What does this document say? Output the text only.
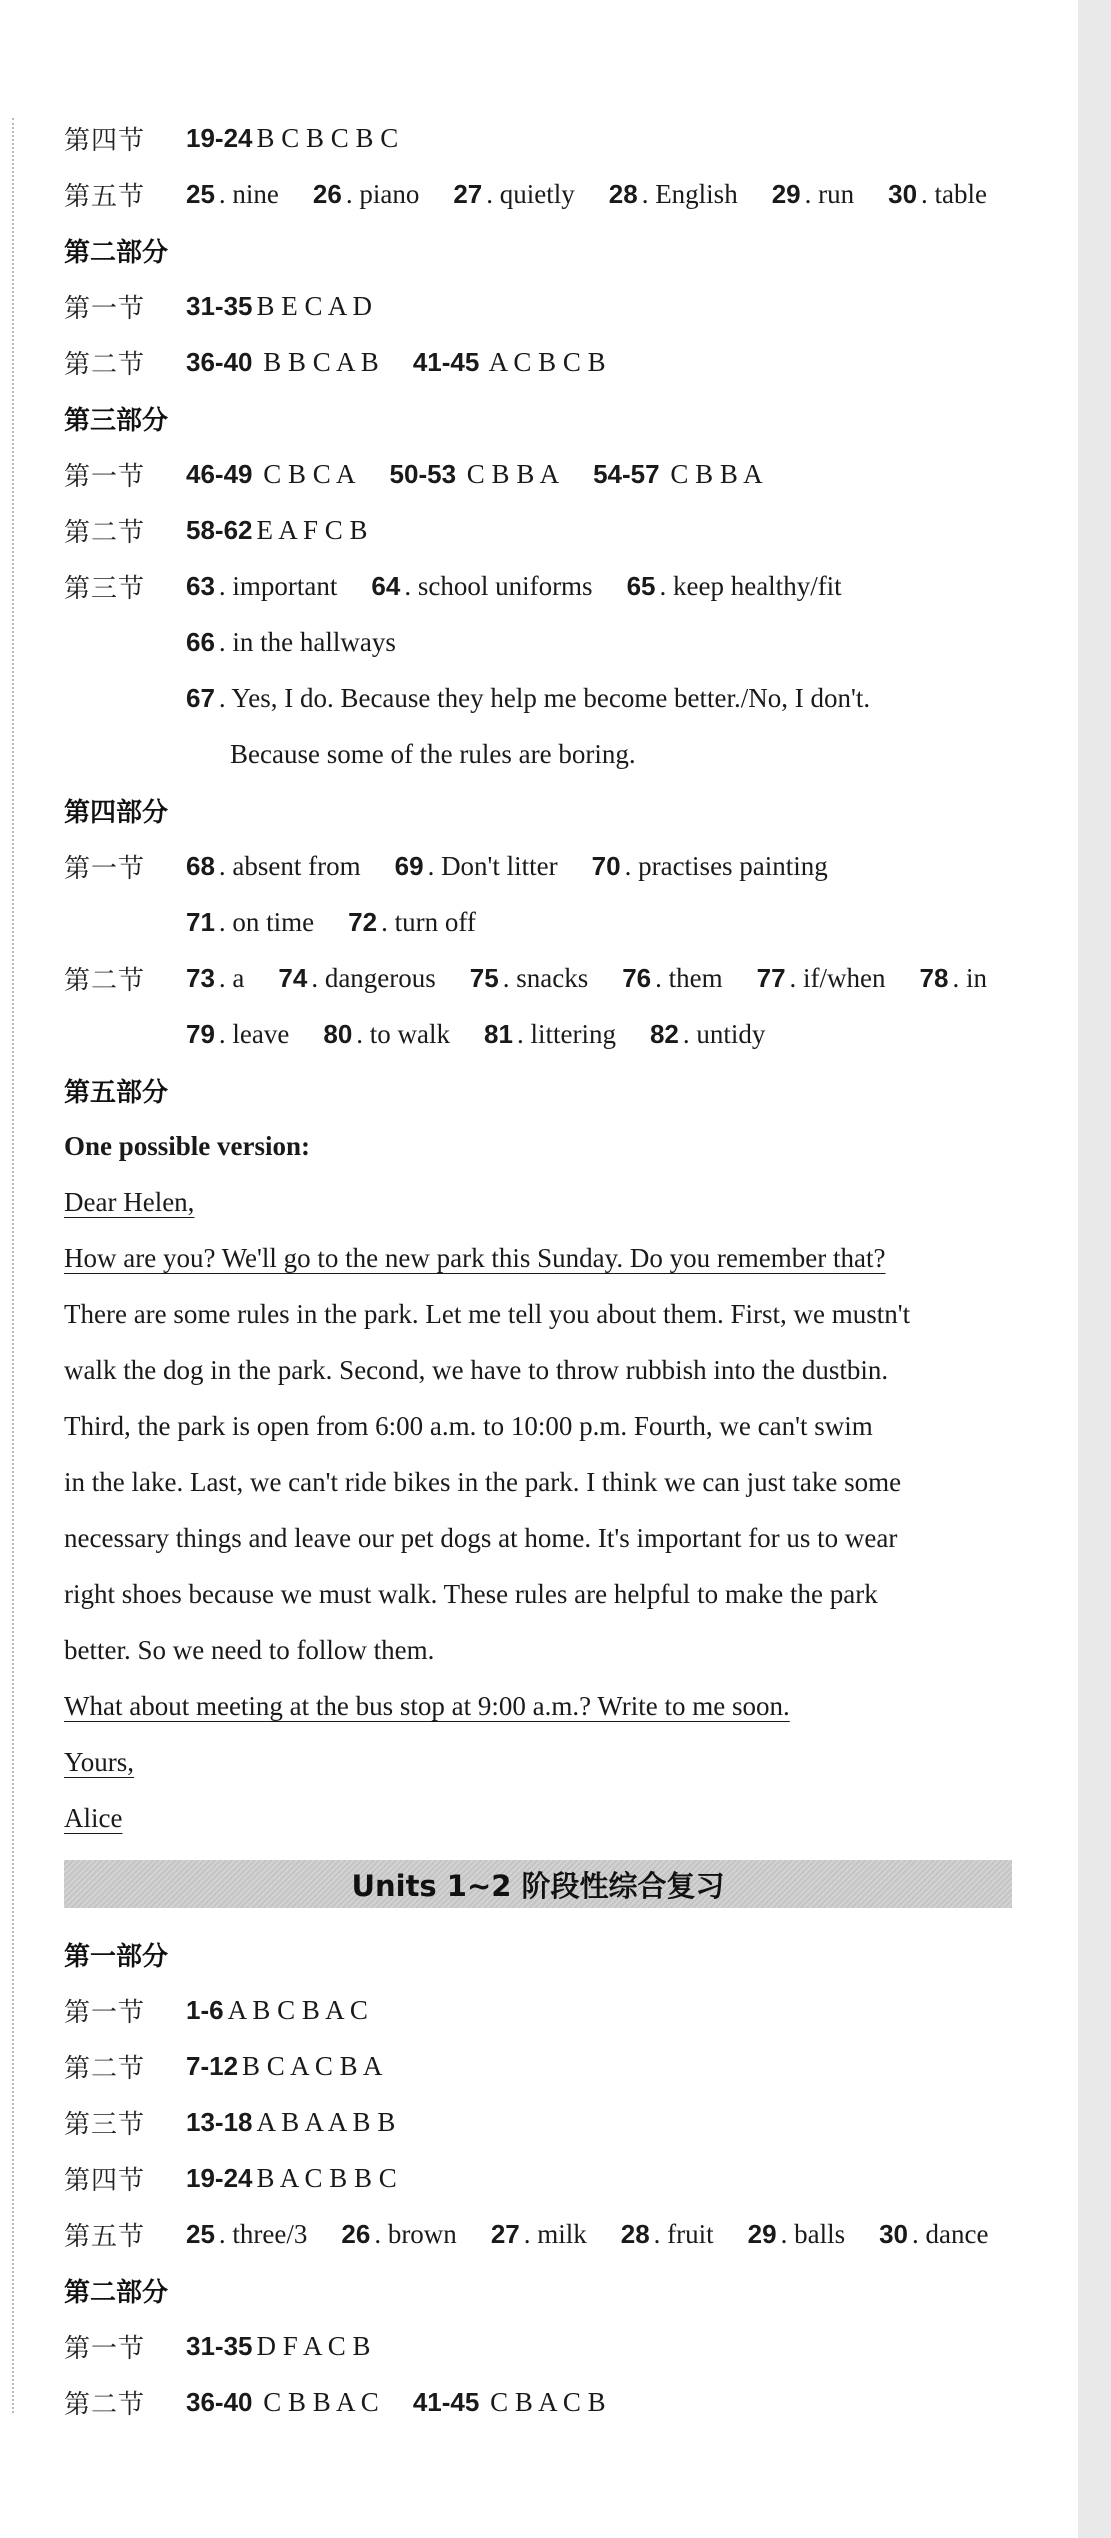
第四节	19-24 B C B C B C
第五节	25 . nine 26 . piano 27 . quietly 28 . English 29 . run 30 . table
第二部分
第一节	31-35 B E C A D
第二节	36-40 B B C A B 41-45 A C B C B
第三部分
第一节	46-49 C B C A 50-53 C B B A 54-57 C B B A
第二节	58-62 E A F C B
第三节	63 . important 64 . school uniforms 65 . keep healthy/fit
66 . in the hallways
67 . Yes, I do. Because they help me become better./No, I don't.
Because some of the rules are boring.
第四部分
第一节	68 . absent from 69 . Don't litter 70 . practises painting
71 . on time 72 . turn off
第二节	73 . a 74 . dangerous 75 . snacks 76 . them 77 . if/when 78 . in
79 . leave 80 . to walk 81 . littering 82 . untidy
第五部分
One possible version:
Dear Helen,
How are you? We'll go to the new park this Sunday. Do you remember that?
There are some rules in the park. Let me tell you about them. First, we mustn't
walk the dog in the park. Second, we have to throw rubbish into the dustbin.
Third, the park is open from 6:00 a.m. to 10:00 p.m. Fourth, we can't swim
in the lake. Last, we can't ride bikes in the park. I think we can just take some
necessary things and leave our pet dogs at home. It's important for us to wear
right shoes because we must walk. These rules are helpful to make the park
better. So we need to follow them.
What about meeting at the bus stop at 9:00 a.m.? Write to me soon.
Yours,
Alice
Units 1~2 阶段性综合复习
第一部分
第一节	1-6 A B C B A C
第二节	7-12 B C A C B A
第三节	13-18 A B A A B B
第四节	19-24 B A C B B C
第五节	25 . three/3 26 . brown 27 . milk 28 . fruit 29 . balls 30 . dance
第二部分
第一节	31-35 D F A C B
第二节	36-40 C B B A C 41-45 C B A C B
